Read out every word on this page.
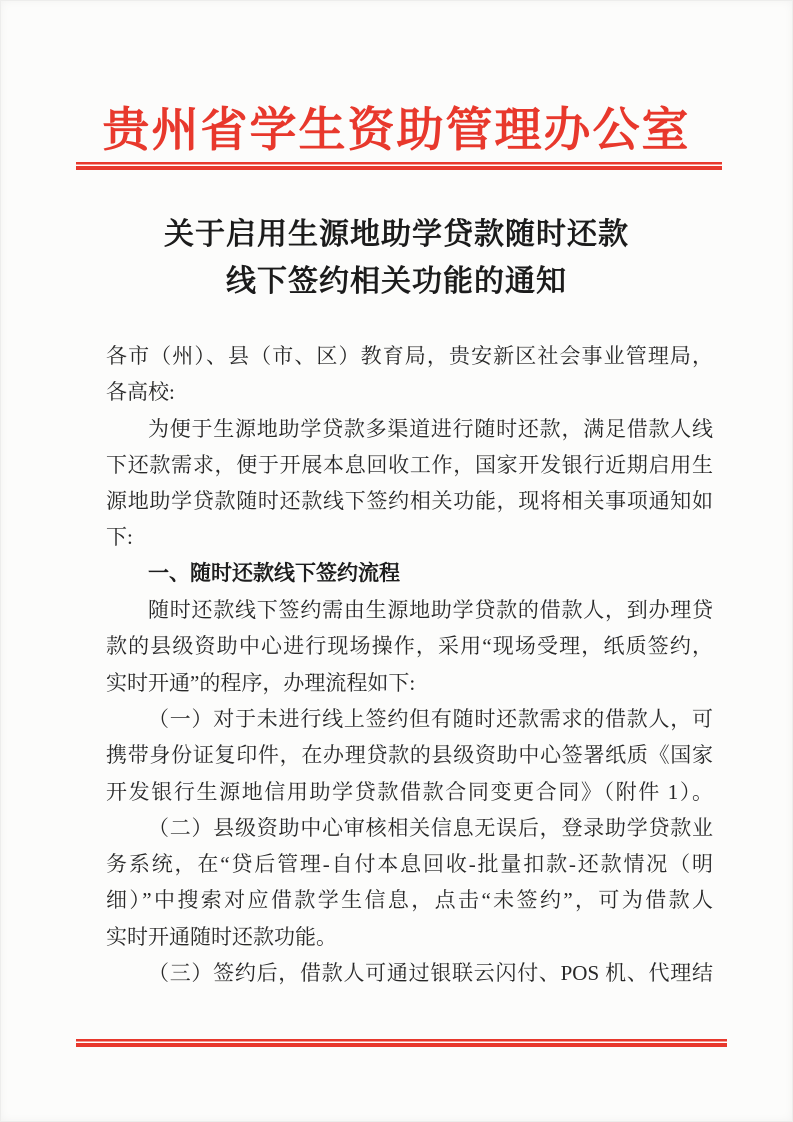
贵州省学生资助管理办公室
关于启用生源地助学贷款随时还款
线下签约相关功能的通知
各市（州）、县（市、区）教育局，贵安新区社会事业管理局，
各高校:
为便于生源地助学贷款多渠道进行随时还款，满足借款人线
下还款需求，便于开展本息回收工作，国家开发银行近期启用生
源地助学贷款随时还款线下签约相关功能，现将相关事项通知如
下:
一、随时还款线下签约流程
随时还款线下签约需由生源地助学贷款的借款人，到办理贷
款的县级资助中心进行现场操作，采用“现场受理，纸质签约，
实时开通”的程序，办理流程如下:
（一）对于未进行线上签约但有随时还款需求的借款人，可
携带身份证复印件，在办理贷款的县级资助中心签署纸质《国家
开发银行生源地信用助学贷款借款合同变更合同》（附件 1）。
（二）县级资助中心审核相关信息无误后，登录助学贷款业
务系统，在“贷后管理-自付本息回收-批量扣款-还款情况（明
细）”中搜索对应借款学生信息，点击“未签约”，可为借款人
实时开通随时还款功能。
（三）签约后，借款人可通过银联云闪付、POS 机、代理结
